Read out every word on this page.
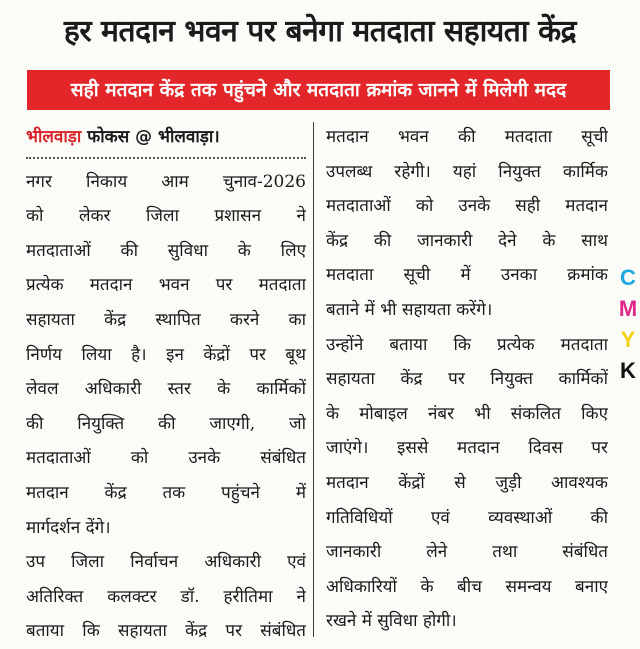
हर मतदान भवन पर बनेगा मतदाता सहायता केंद्र
सही मतदान केंद्र तक पहुंचने और मतदाता क्रमांक जानने में मिलेगी मदद
भीलवाड़ा फोकस @ भीलवाड़ा।
नगर निकाय आम चुनाव-2026
को लेकर जिला प्रशासन ने
मतदाताओं की सुविधा के लिए
प्रत्येक मतदान भवन पर मतदाता
सहायता केंद्र स्थापित करने का
निर्णय लिया है। इन केंद्रों पर बूथ
लेवल अधिकारी स्तर के कार्मिकों
की नियुक्ति की जाएगी, जो
मतदाताओं को उनके संबंधित
मतदान केंद्र तक पहुंचने में
मार्गदर्शन देंगे।
उप जिला निर्वाचन अधिकारी एवं
अतिरिक्त कलक्टर डॉ. हरीतिमा ने
बताया कि सहायता केंद्र पर संबंधित
मतदान भवन की मतदाता सूची
उपलब्ध रहेगी। यहां नियुक्त कार्मिक
मतदाताओं को उनके सही मतदान
केंद्र की जानकारी देने के साथ
मतदाता सूची में उनका क्रमांक
बताने में भी सहायता करेंगे।
उन्होंने बताया कि प्रत्येक मतदाता
सहायता केंद्र पर नियुक्त कार्मिकों
के मोबाइल नंबर भी संकलित किए
जाएंगे। इससे मतदान दिवस पर
मतदान केंद्रों से जुड़ी आवश्यक
गतिविधियों एवं व्यवस्थाओं की
जानकारी लेने तथा संबंधित
अधिकारियों के बीच समन्वय बनाए
रखने में सुविधा होगी।
C
M
Y
K
